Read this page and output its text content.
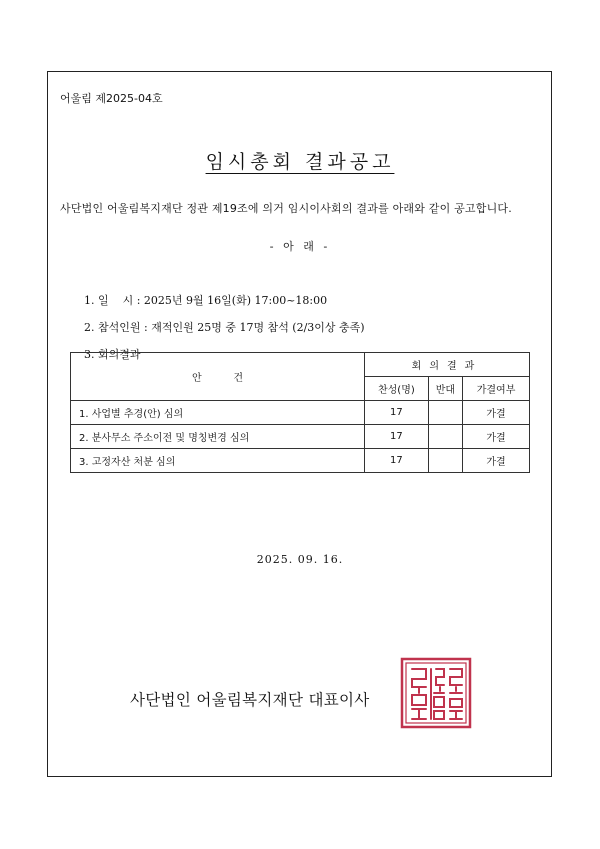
어울림 제2025-04호
임시총회 결과공고
사단법인 어울림복지재단 정관 제19조에 의거 임시이사회의 결과를 아래와 같이 공고합니다.
- 아 래 -

1. 일    시 : 2025년 9월 16일(화) 17:00~18:00

2. 참석인원 : 재적인원 25명 중 17명 참석 (2/3이상 충족)

3. 회의결과

안          건	회의결과		
	찬성(명)	반대	가결여부
1. 사업별 추경(안) 심의	17		가결
2. 분사무소 주소이전 및 명칭변경 심의	17		가결
3. 고정자산 처분 심의	17		가결
2025. 09. 16.
사단법인 어울림복지재단 대표이사
